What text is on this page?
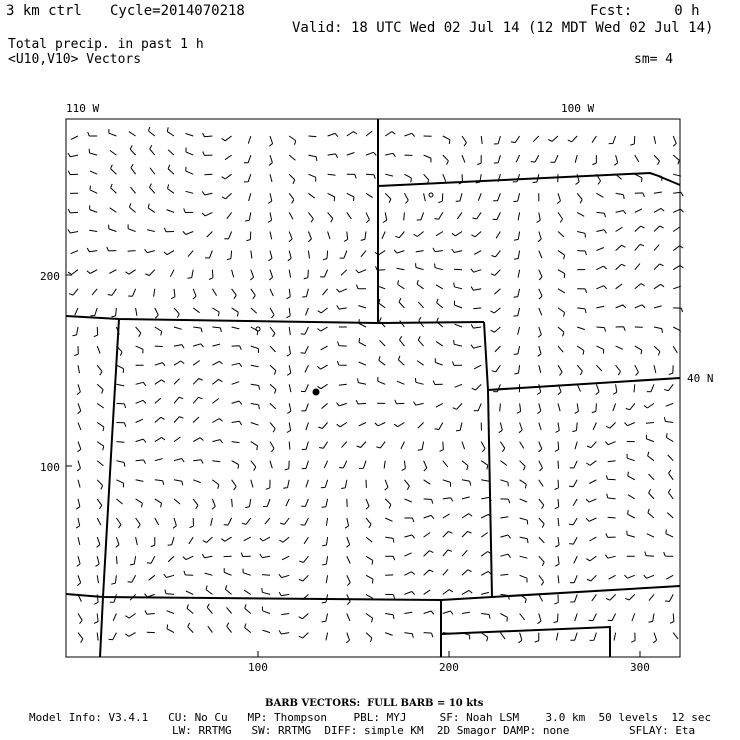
3 km ctrl Cycle=2014070218	Fcst:     0 h
Valid: 18 UTC Wed 02 Jul 14 (12 MDT Wed 02 Jul 14)
Total precip. in past 1 h
<U10,V10> Vectors	sm= 4
110 W	100 W
40 N
200
100
100	200	300
BARB VECTORS:  FULL BARB = 10 kts
Model Info: V3.4.1   CU: No Cu   MP: Thompson    PBL: MYJ     SF: Noah LSM    3.0 km  50 levels  12 sec
LW: RRTMG   SW: RRTMG  DIFF: simple KM  2D Smagor DAMP: none         SFLAY: Eta
